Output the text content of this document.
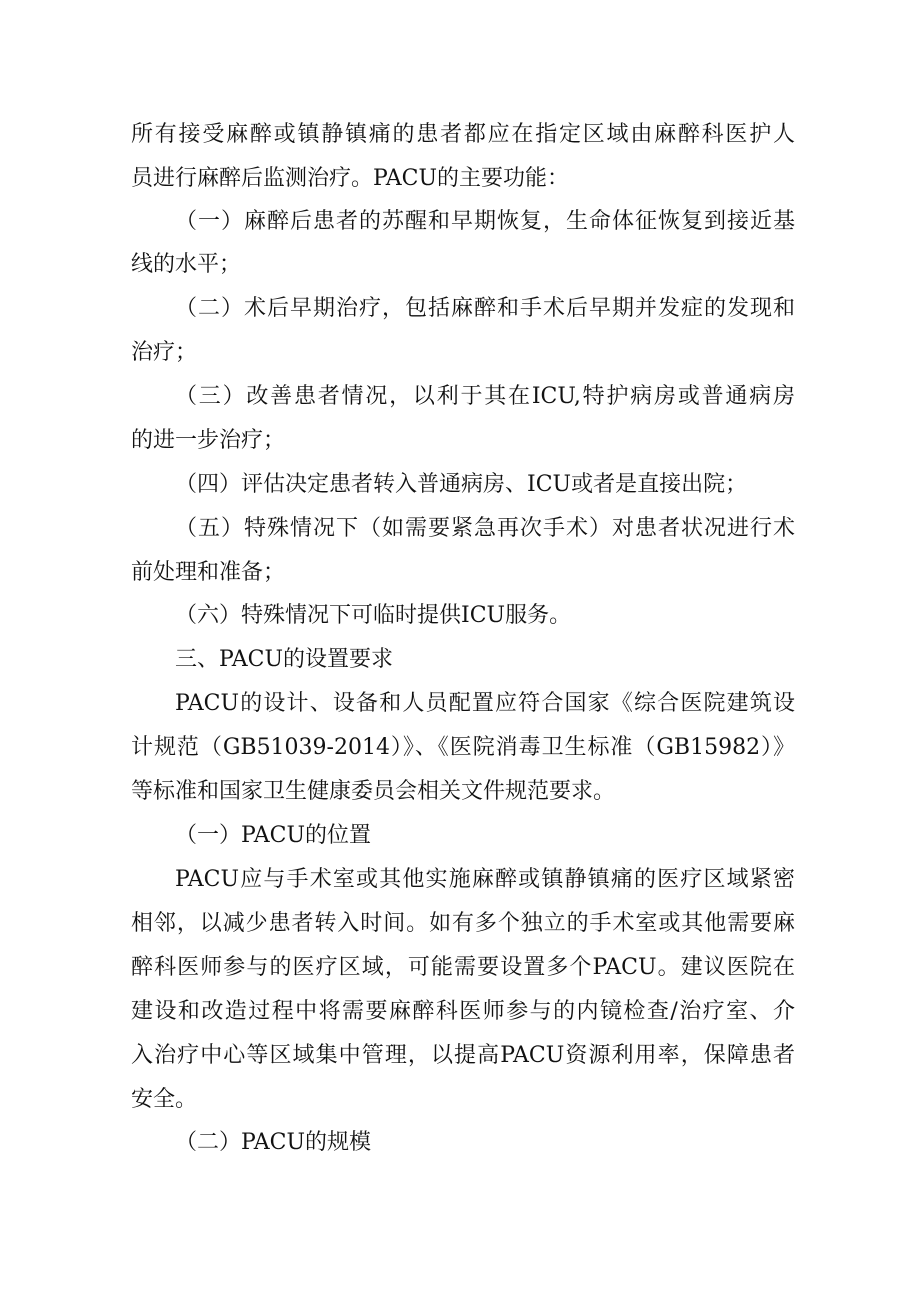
所有接受麻醉或镇静镇痛的患者都应在指定区域由麻醉科医护人
员进行麻醉后监测治疗。PACU的主要功能：
（一）麻醉后患者的苏醒和早期恢复，生命体征恢复到接近基
线的水平；
（二）术后早期治疗，包括麻醉和手术后早期并发症的发现和
治疗；
（三）改善患者情况，以利于其在ICU,特护病房或普通病房
的进一步治疗；
（四）评估决定患者转入普通病房、ICU或者是直接出院；
（五）特殊情况下（如需要紧急再次手术）对患者状况进行术
前处理和准备；
（六）特殊情况下可临时提供ICU服务。
三、PACU的设置要求
PACU的设计、设备和人员配置应符合国家《综合医院建筑设
计规范（GB51039-2014）》、《医院消毒卫生标准（GB15982）》
等标准和国家卫生健康委员会相关文件规范要求。
（一）PACU的位置
PACU应与手术室或其他实施麻醉或镇静镇痛的医疗区域紧密
相邻，以减少患者转入时间。如有多个独立的手术室或其他需要麻
醉科医师参与的医疗区域，可能需要设置多个PACU。建议医院在
建设和改造过程中将需要麻醉科医师参与的内镜检查/治疗室、介
入治疗中心等区域集中管理，以提高PACU资源利用率，保障患者
安全。
（二）PACU的规模
